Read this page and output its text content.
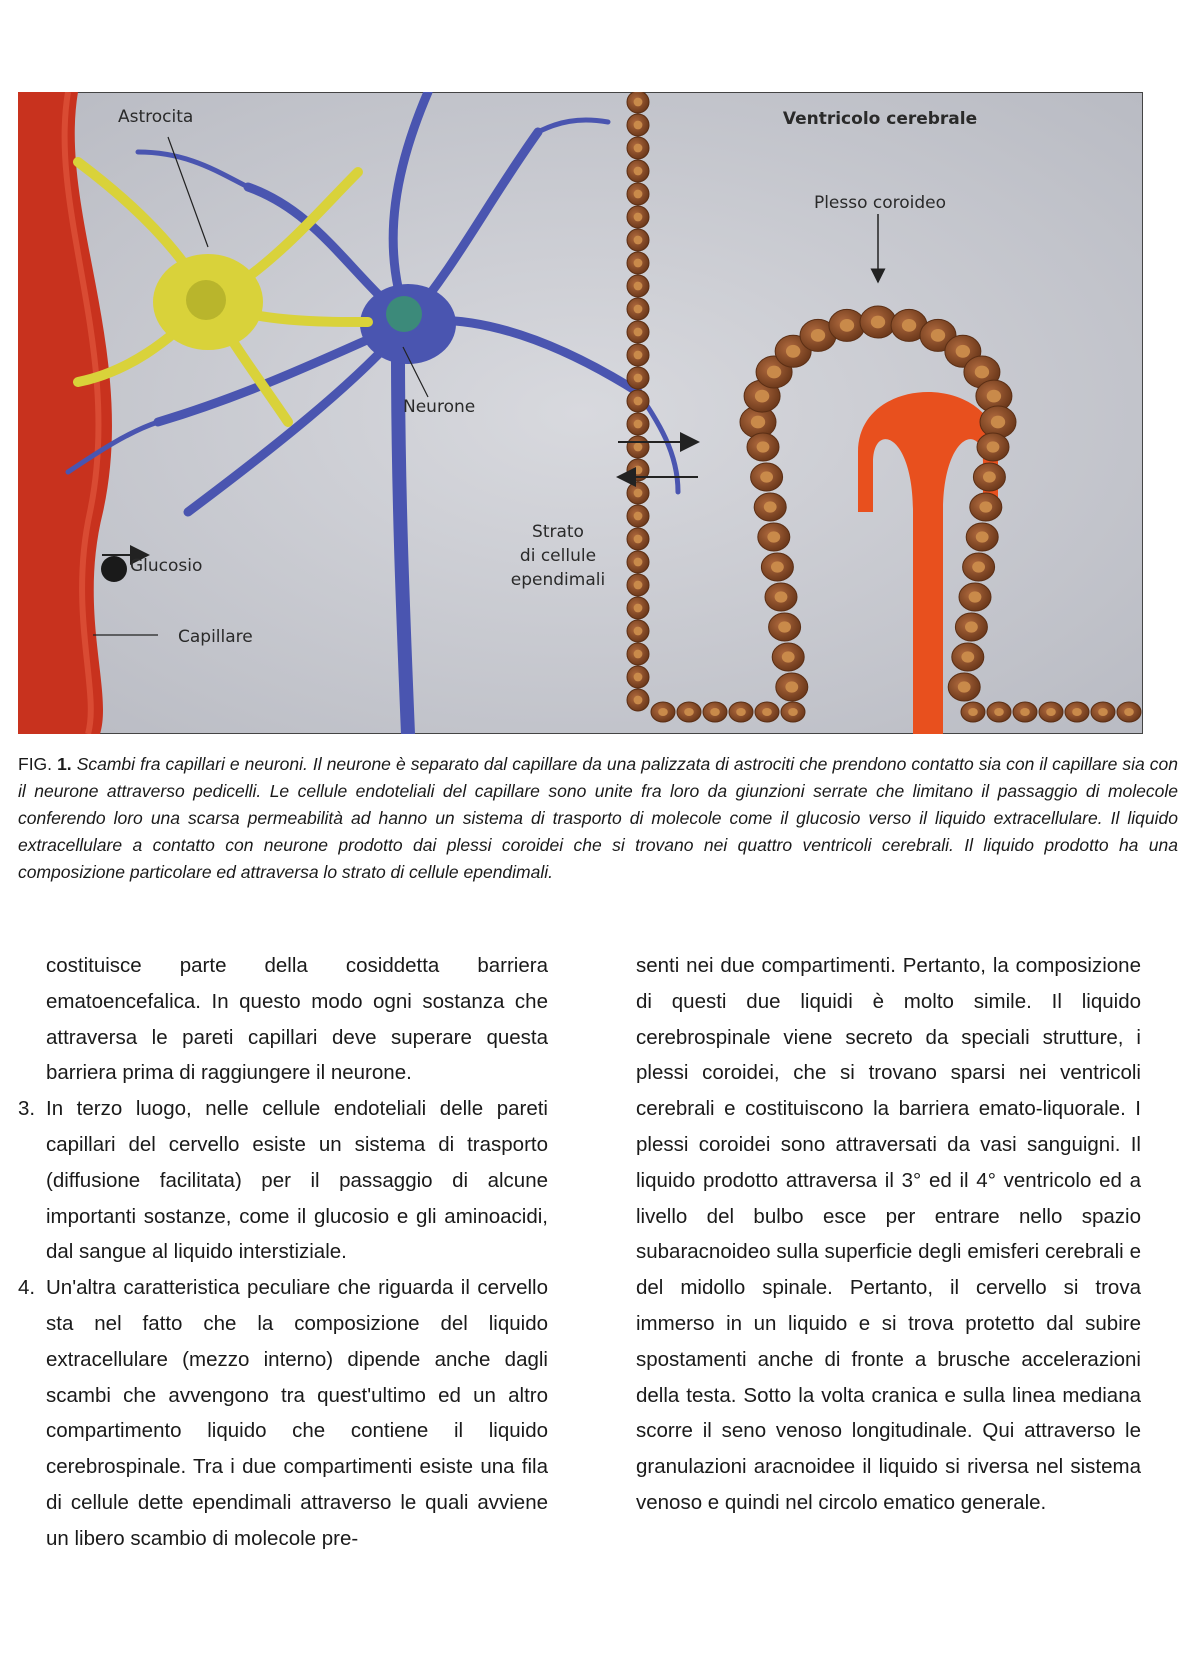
Astrocita
Neurone
Glucosio
Capillare
Strato
di cellule
ependimali
Ventricolo cerebrale
Plesso coroideo

FIG. 1. Scambi fra capillari e neuroni. Il neurone è separato dal capillare da una palizzata di astrociti che prendono contatto sia con il capillare sia con il neurone attraverso pedicelli. Le cellule endoteliali del capillare sono unite fra loro da giunzioni serrate che limitano il passaggio di molecole conferendo loro una scarsa permeabilità ad hanno un sistema di trasporto di molecole come il glucosio verso il liquido extracellulare. Il liquido extracellulare a contatto con neurone prodotto dai plessi coroidei che si trovano nei quattro ventricoli cerebrali. Il liquido prodotto ha una composizione particolare ed attraversa lo strato di cellule ependimali.

costituisce parte della cosiddetta barriera ematoencefalica. In questo modo ogni sostanza che attraversa le pareti capillari deve superare questa barriera prima di raggiungere il neurone.

3. In terzo luogo, nelle cellule endoteliali delle pareti capillari del cervello esiste un sistema di trasporto (diffusione facilitata) per il passaggio di alcune importanti sostanze, come il glucosio e gli aminoacidi, dal sangue al liquido interstiziale.
4. Un'altra caratteristica peculiare che riguarda il cervello sta nel fatto che la composizione del liquido extracellulare (mezzo interno) dipende anche dagli scambi che avvengono tra quest'ultimo ed un altro compartimento liquido che contiene il liquido cerebrospinale. Tra i due compartimenti esiste una fila di cellule dette ependimali attraverso le quali avviene un libero scambio di molecole pre-

senti nei due compartimenti. Pertanto, la composizione di questi due liquidi è molto simile. Il liquido cerebrospinale viene secreto da speciali strutture, i plessi coroidei, che si trovano sparsi nei ventricoli cerebrali e costituiscono la barriera emato-liquorale. I plessi coroidei sono attraversati da vasi sanguigni. Il liquido prodotto attraversa il 3° ed il 4° ventricolo ed a livello del bulbo esce per entrare nello spazio subaracnoideo sulla superficie degli emisferi cerebrali e del midollo spinale. Pertanto, il cervello si trova immerso in un liquido e si trova protetto dal subire spostamenti anche di fronte a brusche accelerazioni della testa. Sotto la volta cranica e sulla linea mediana scorre il seno venoso longitudinale. Qui attraverso le granulazioni aracnoidee il liquido si riversa nel sistema venoso e quindi nel circolo ematico generale.
